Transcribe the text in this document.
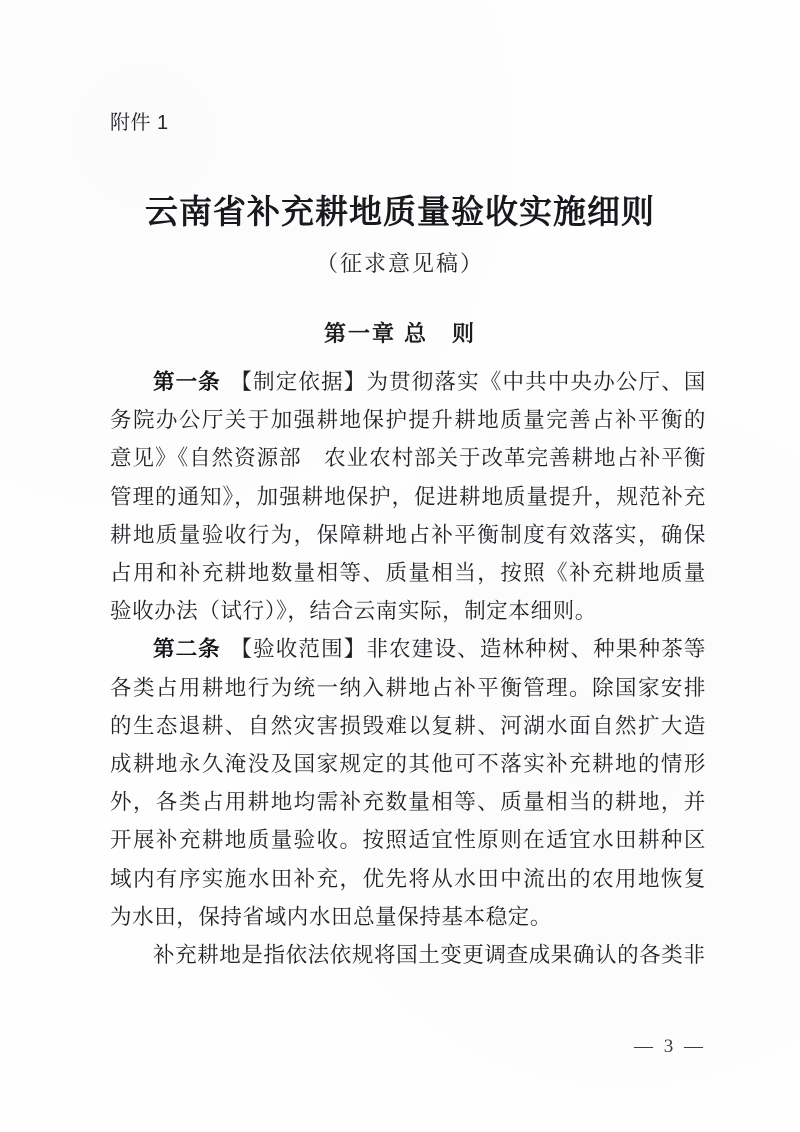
附件 1
云南省补充耕地质量验收实施细则
（征求意见稿）
第一章 总　则

第一条 【制定依据】为贯彻落实《中共中央办公厅、国务院办公厅关于加强耕地保护提升耕地质量完善占补平衡的意见》《自然资源部　农业农村部关于改革完善耕地占补平衡管理的通知》，加强耕地保护，促进耕地质量提升，规范补充耕地质量验收行为，保障耕地占补平衡制度有效落实，确保占用和补充耕地数量相等、质量相当，按照《补充耕地质量验收办法（试行）》，结合云南实际，制定本细则。

第二条 【验收范围】非农建设、造林种树、种果种茶等各类占用耕地行为统一纳入耕地占补平衡管理。除国家安排的生态退耕、自然灾害损毁难以复耕、河湖水面自然扩大造成耕地永久淹没及国家规定的其他可不落实补充耕地的情形外，各类占用耕地均需补充数量相等、质量相当的耕地，并开展补充耕地质量验收。按照适宜性原则在适宜水田耕种区域内有序实施水田补充，优先将从水田中流出的农用地恢复为水田，保持省域内水田总量保持基本稳定。

补充耕地是指依法依规将国土变更调查成果确认的各类非

— 3 —
